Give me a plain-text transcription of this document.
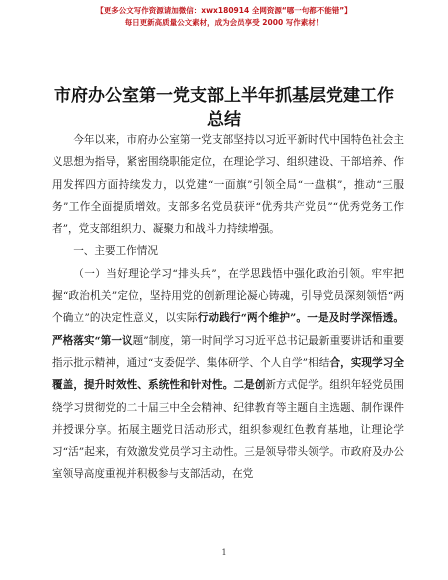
【更多公文写作资源请加微信：xwx180914 全网资源“哪一句都不能错”】
每日更新高质量公文素材，成为会员享受 2000 写作素材！
市府办公室第一党支部上半年抓基层党建工作
总结

今年以来，市府办公室第一党支部坚持以习近平新时代中国特色社会主义思想为指导，紧密围绕职能定位，在理论学习、组织建设、干部培养、作用发挥四方面持续发力，以党建“一面旗”引领全局“一盘棋”，推动“三服务”工作全面提质增效。支部多名党员获评“优秀共产党员”“优秀党务工作者”，党支部组织力、凝聚力和战斗力持续增强。

一、主要工作情况

（一）当好理论学习“排头兵”，在学思践悟中强化政治引领。牢牢把握“政治机关”定位，坚持用党的创新理论凝心铸魂，引导党员深刻领悟“两个确立”的决定性意义，以实际行动践行“两个维护”。一是及时学深悟透。严格落实“第一议题”制度，第一时间学习习近平总书记最新重要讲话和重要指示批示精神，通过“支委促学、集体研学、个人自学”相结合，实现学习全覆盖，提升时效性、系统性和针对性。二是创新方式促学。组织年轻党员围绕学习贯彻党的二十届三中全会精神、纪律教育等主题自主选题、制作课件并授课分享。拓展主题党日活动形式，组织参观红色教育基地，让理论学习“活”起来，有效激发党员学习主动性。三是领导带头领学。市政府及办公室领导高度重视并积极参与支部活动，在党

1
